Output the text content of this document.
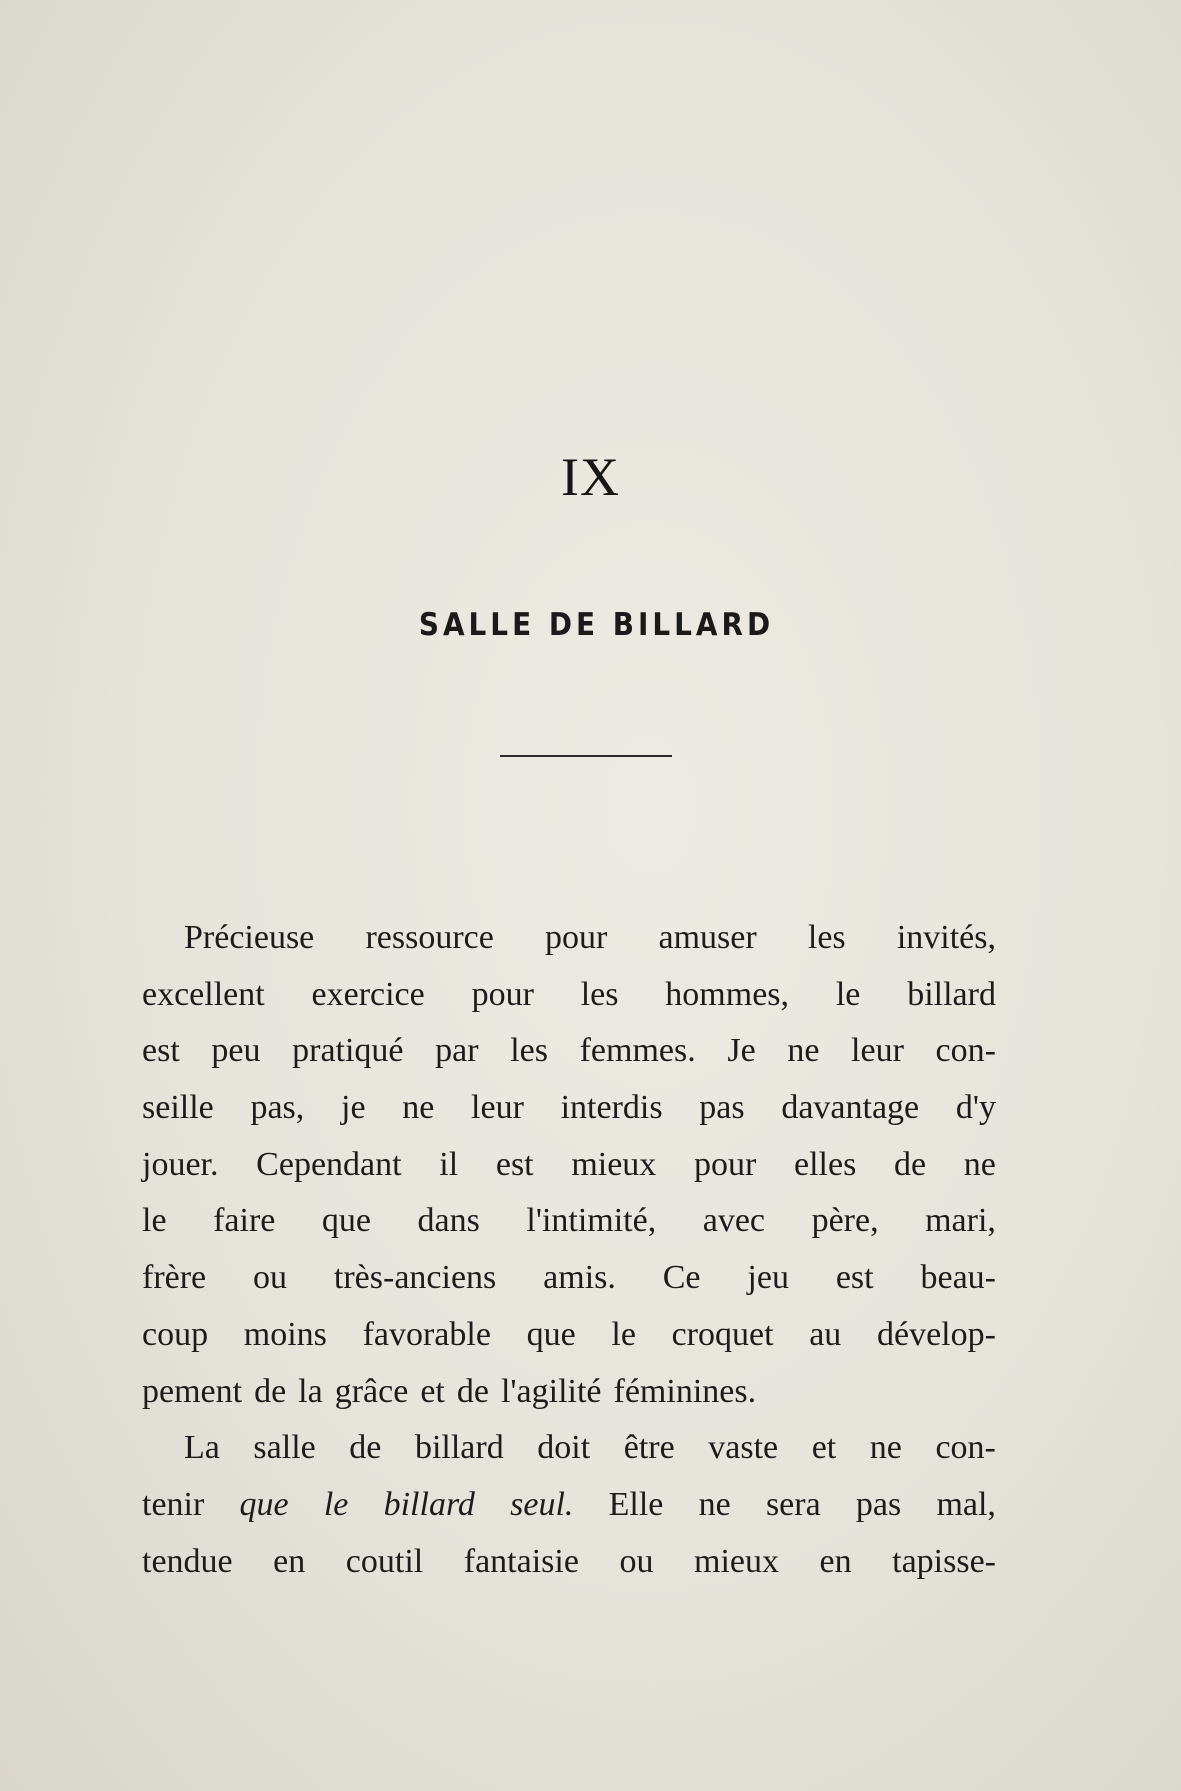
IX
SALLE DE BILLARD
Précieuse ressource pour amuser les invités,
excellent exercice pour les hommes, le billard
est peu pratiqué par les femmes. Je ne leur con-
seille pas, je ne leur interdis pas davantage d'y
jouer. Cependant il est mieux pour elles de ne
le faire que dans l'intimité, avec père, mari,
frère ou très-anciens amis. Ce jeu est beau-
coup moins favorable que le croquet au dévelop-
pement de la grâce et de l'agilité féminines.
La salle de billard doit être vaste et ne con-
tenir que le billard seul. Elle ne sera pas mal,
tendue en coutil fantaisie ou mieux en tapisse-
